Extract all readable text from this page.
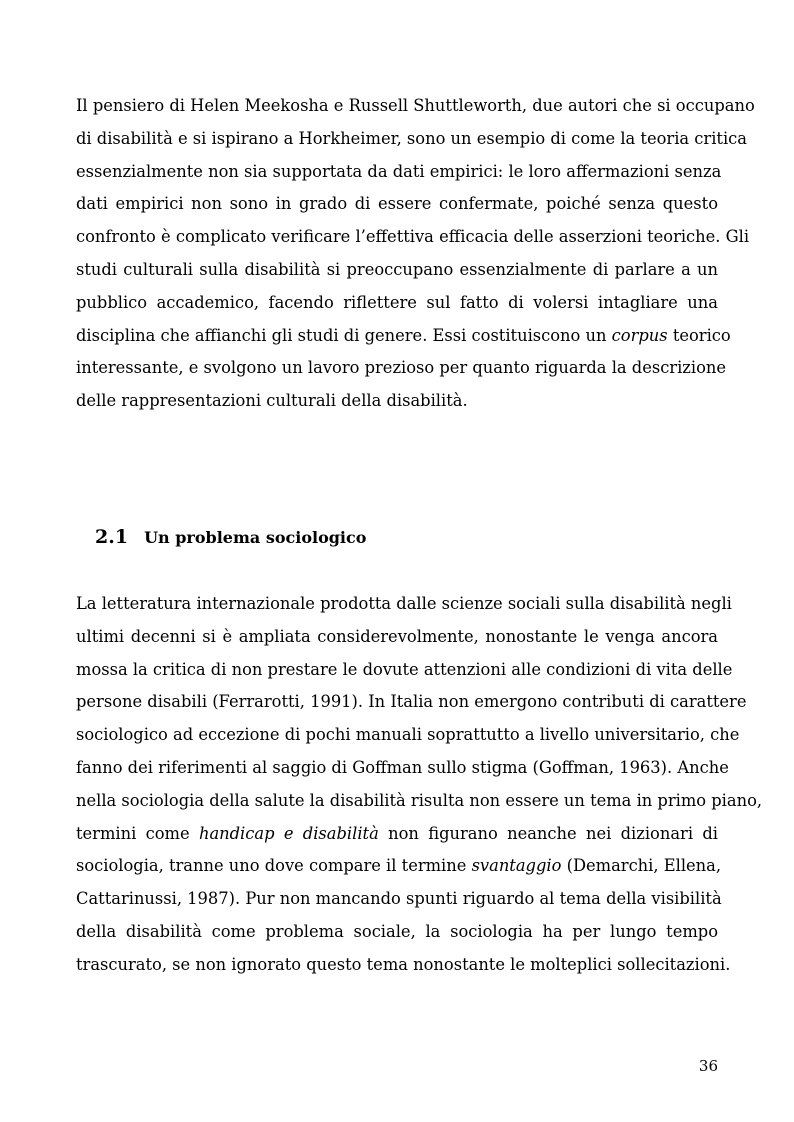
Il pensiero di Helen Meekosha e Russell Shuttleworth, due autori che si occupano
di disabilità e si ispirano a Horkheimer, sono un esempio di come la teoria critica
essenzialmente non sia supportata da dati empirici: le loro affermazioni senza
dati empirici non sono in grado di essere confermate, poiché senza questo
confronto è complicato verificare l’effettiva efficacia delle asserzioni teoriche. Gli
studi culturali sulla disabilità si preoccupano essenzialmente di parlare a un
pubblico accademico, facendo riflettere sul fatto di volersi intagliare una
disciplina che affianchi gli studi di genere. Essi costituiscono un corpus teorico
interessante, e svolgono un lavoro prezioso per quanto riguarda la descrizione
delle rappresentazioni culturali della disabilità.
2.1 Un problema sociologico
La letteratura internazionale prodotta dalle scienze sociali sulla disabilità negli
ultimi decenni si è ampliata considerevolmente, nonostante le venga ancora
mossa la critica di non prestare le dovute attenzioni alle condizioni di vita delle
persone disabili (Ferrarotti, 1991). In Italia non emergono contributi di carattere
sociologico ad eccezione di pochi manuali soprattutto a livello universitario, che
fanno dei riferimenti al saggio di Goffman sullo stigma (Goffman, 1963). Anche
nella sociologia della salute la disabilità risulta non essere un tema in primo piano,
termini come handicap e disabilità non figurano neanche nei dizionari di
sociologia, tranne uno dove compare il termine svantaggio (Demarchi, Ellena,
Cattarinussi, 1987). Pur non mancando spunti riguardo al tema della visibilità
della disabilità come problema sociale, la sociologia ha per lungo tempo
trascurato, se non ignorato questo tema nonostante le molteplici sollecitazioni.
36
